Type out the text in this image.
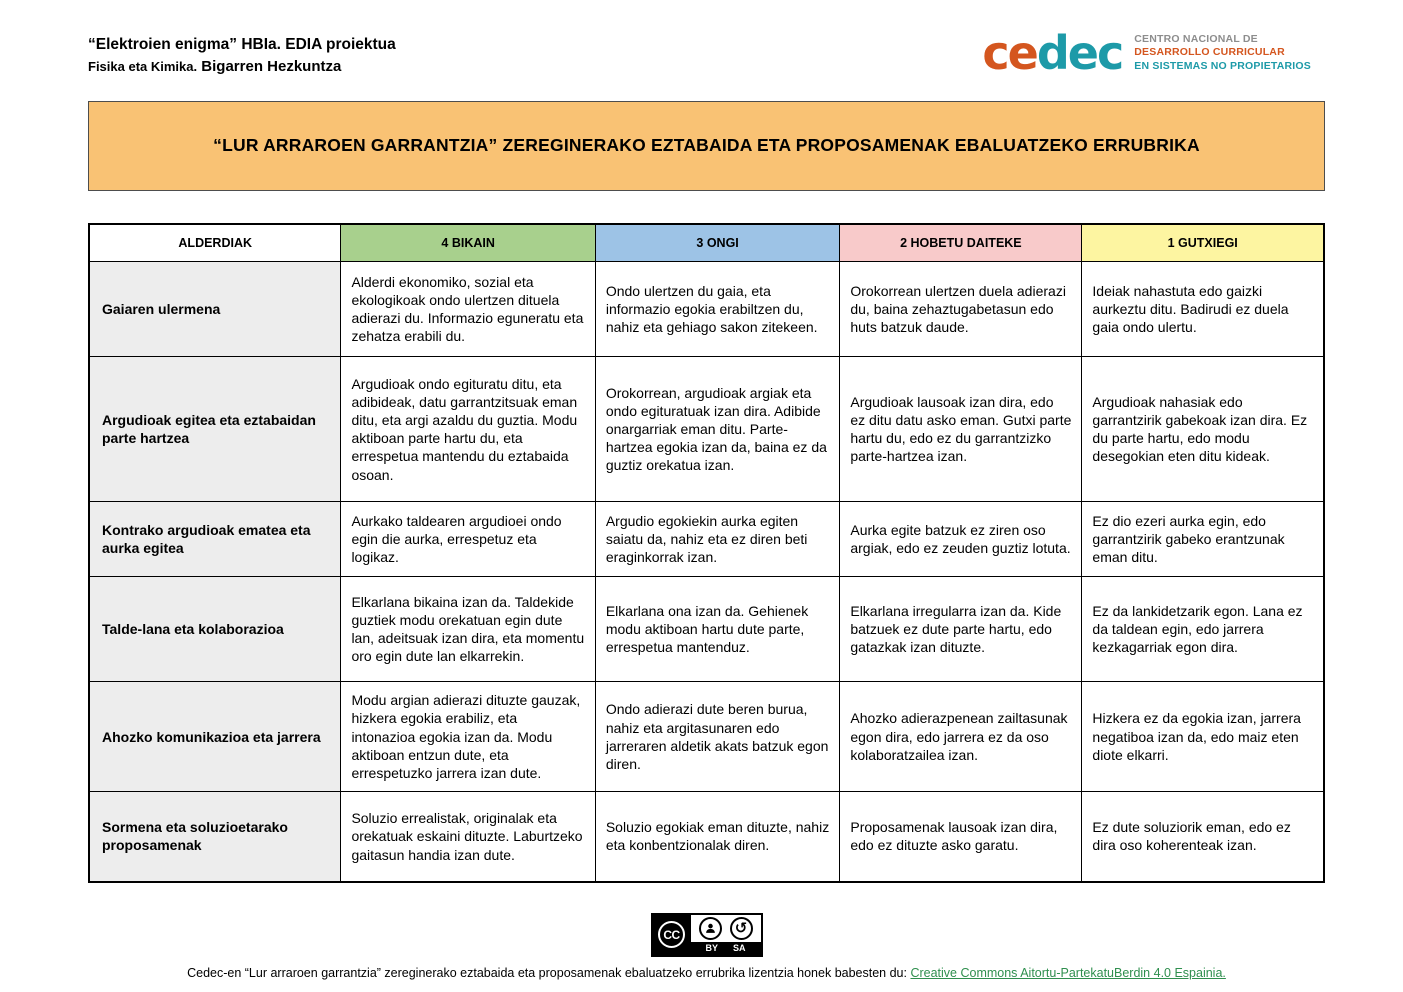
“Elektroien enigma” HBIa. EDIA proiektua
Fisika eta Kimika. Bigarren Hezkuntza	cedec CENTRO NACIONAL DE
DESARROLLO CURRICULAR
EN SISTEMAS NO PROPIETARIOS
“LUR ARRAROEN GARRANTZIA” ZEREGINERAKO EZTABAIDA ETA PROPOSAMENAK EBALUATZEKO ERRUBRIKA
ALDERDIAK	4 BIKAIN	3 ONGI	2 HOBETU DAITEKE	1 GUTXIEGI
Gaiaren ulermena	Alderdi ekonomiko, sozial eta ekologikoak ondo ulertzen dituela adierazi du. Informazio eguneratu eta zehatza erabili du.	Ondo ulertzen du gaia, eta informazio egokia erabiltzen du, nahiz eta gehiago sakon zitekeen.	Orokorrean ulertzen duela adierazi du, baina zehaztugabetasun edo huts batzuk daude.	Ideiak nahastuta edo gaizki aurkeztu ditu. Badirudi ez duela gaia ondo ulertu.
Argudioak egitea eta eztabaidan parte hartzea	Argudioak ondo egituratu ditu, eta adibideak, datu garrantzitsuak eman ditu, eta argi azaldu du guztia. Modu aktiboan parte hartu du, eta errespetua mantendu du eztabaida osoan.	Orokorrean, argudioak argiak eta ondo egituratuak izan dira. Adibide onargarriak eman ditu. Parte-hartzea egokia izan da, baina ez da guztiz orekatua izan.	Argudioak lausoak izan dira, edo ez ditu datu asko eman. Gutxi parte hartu du, edo ez du garrantzizko parte-hartzea izan.	Argudioak nahasiak edo garrantzirik gabekoak izan dira. Ez du parte hartu, edo modu desegokian eten ditu kideak.
Kontrako argudioak ematea eta aurka egitea	Aurkako taldearen argudioei ondo egin die aurka, errespetuz eta logikaz.	Argudio egokiekin aurka egiten saiatu da, nahiz eta ez diren beti eraginkorrak izan.	Aurka egite batzuk ez ziren oso argiak, edo ez zeuden guztiz lotuta.	Ez dio ezeri aurka egin, edo garrantzirik gabeko erantzunak eman ditu.
Talde-lana eta kolaborazioa	Elkarlana bikaina izan da. Taldekide guztiek modu orekatuan egin dute lan, adeitsuak izan dira, eta momentu oro egin dute lan elkarrekin.	Elkarlana ona izan da. Gehienek modu aktiboan hartu dute parte, errespetua mantenduz.	Elkarlana irregularra izan da. Kide batzuek ez dute parte hartu, edo gatazkak izan dituzte.	Ez da lankidetzarik egon. Lana ez da taldean egin, edo jarrera kezkagarriak egon dira.
Ahozko komunikazioa eta jarrera	Modu argian adierazi dituzte gauzak, hizkera egokia erabiliz, eta intonazioa egokia izan da. Modu aktiboan entzun dute, eta errespetuzko jarrera izan dute.	Ondo adierazi dute beren burua, nahiz eta argitasunaren edo jarreraren aldetik akats batzuk egon diren.	Ahozko adierazpenean zailtasunak egon dira, edo jarrera ez da oso kolaboratzailea izan.	Hizkera ez da egokia izan, jarrera negatiboa izan da, edo maiz eten diote elkarri.
Sormena eta soluzioetarako proposamenak	Soluzio errealistak, originalak eta orekatuak eskaini dituzte. Laburtzeko gaitasun handia izan dute.	Soluzio egokiak eman dituzte, nahiz eta konbentzionalak diren.	Proposamenak lausoak izan dira, edo ez dituzte asko garatu.	Ez dute soluziorik eman, edo ez dira oso koherenteak izan.
CC	↺
BY SA
Cedec-en “Lur arraroen garrantzia” zereginerako eztabaida eta proposamenak ebaluatzeko errubrika lizentzia honek babesten du: Creative Commons Aitortu-PartekatuBerdin 4.0 Espainia.
